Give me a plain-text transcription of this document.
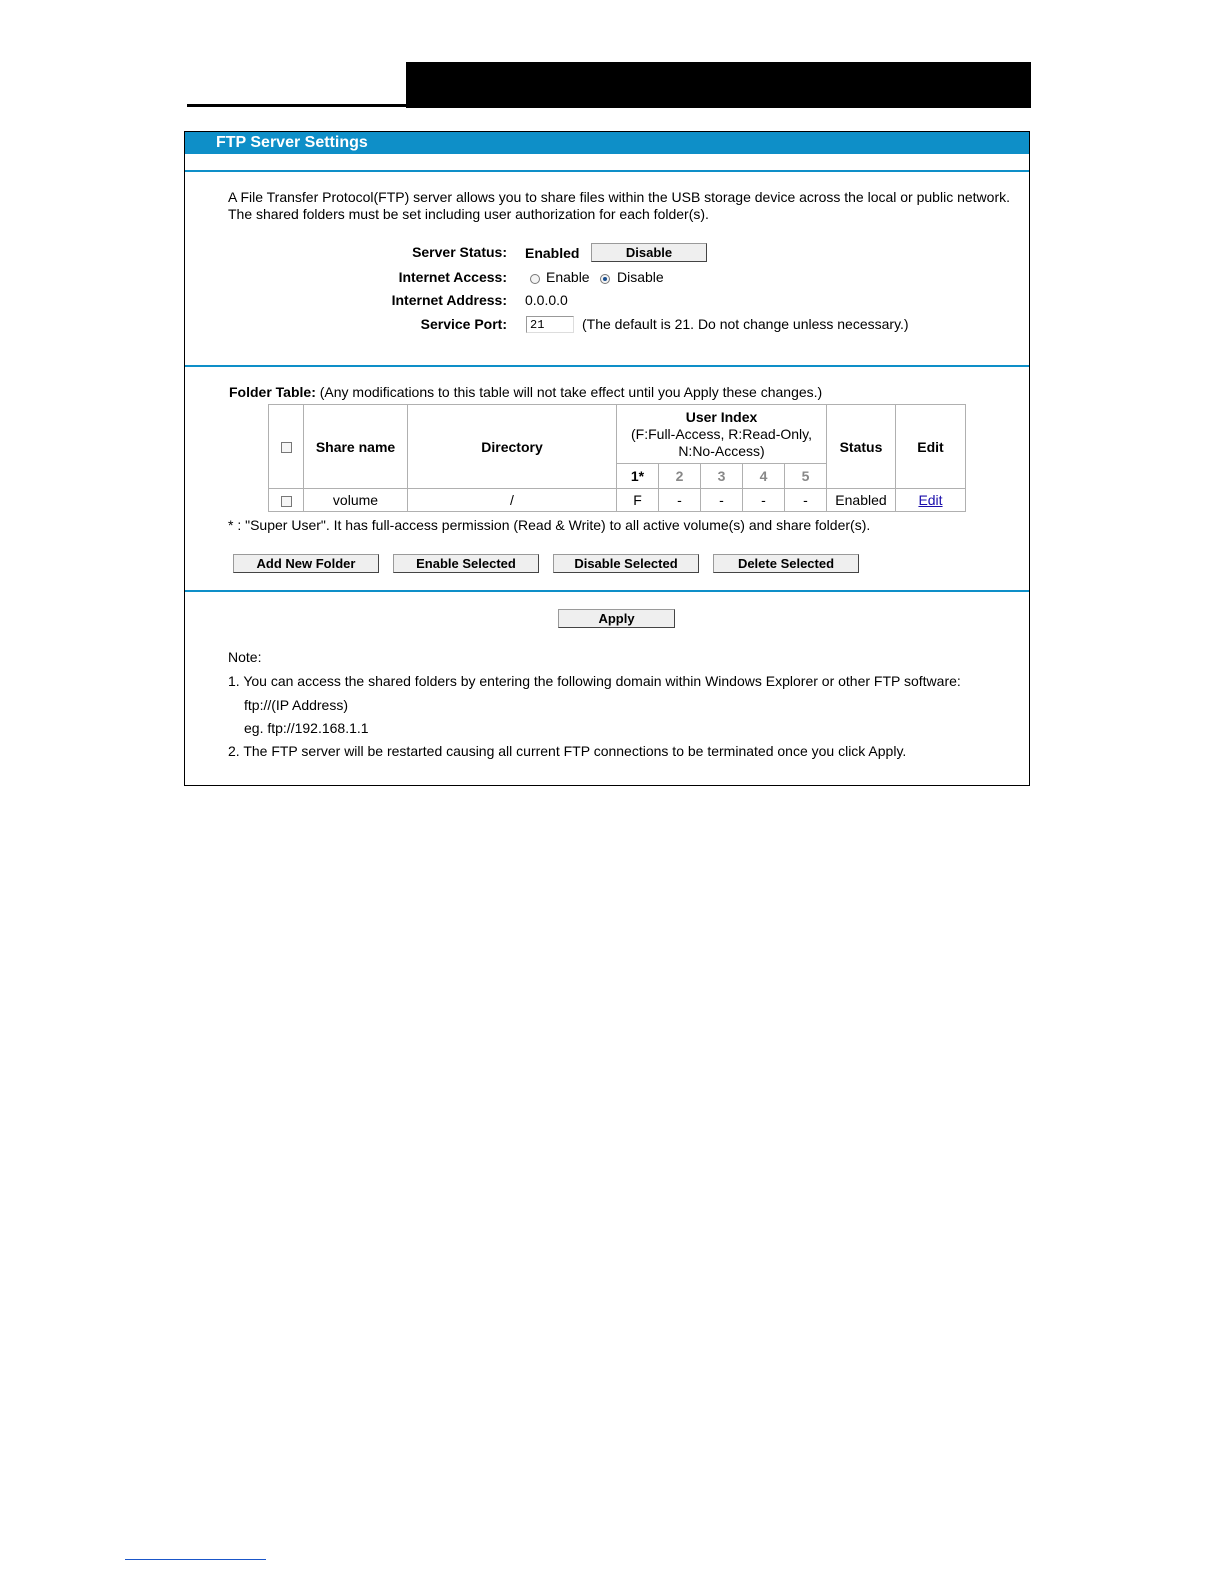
FTP Server Settings
A File Transfer Protocol(FTP) server allows you to share files within the USB storage device across the local or public network.
The shared folders must be set including user authorization for each folder(s).
Server Status: Enabled	Disable
Internet Access:	Enable Disable
Internet Address: 0.0.0.0
Service Port:
21	(The default is 21. Do not change unless necessary.)
Folder Table: (Any modifications to this table will not take effect until you Apply these changes.)
	Share name	Directory	User Index
(F:Full-Access, R:Read-Only,
N:No-Access)					Status	Edit
			1*	2	3	4	5		
	volume	/	F	-	-	-	-	Enabled	Edit
* : "Super User". It has full-access permission (Read & Write) to all active volume(s) and share folder(s).
Add New Folder	Enable Selected	Disable Selected	Delete Selected
Apply
Note:
1. You can access the shared folders by entering the following domain within Windows Explorer or other FTP software:
ftp://(IP Address)
eg. ftp://192.168.1.1
2. The FTP server will be restarted causing all current FTP connections to be terminated once you click Apply.
